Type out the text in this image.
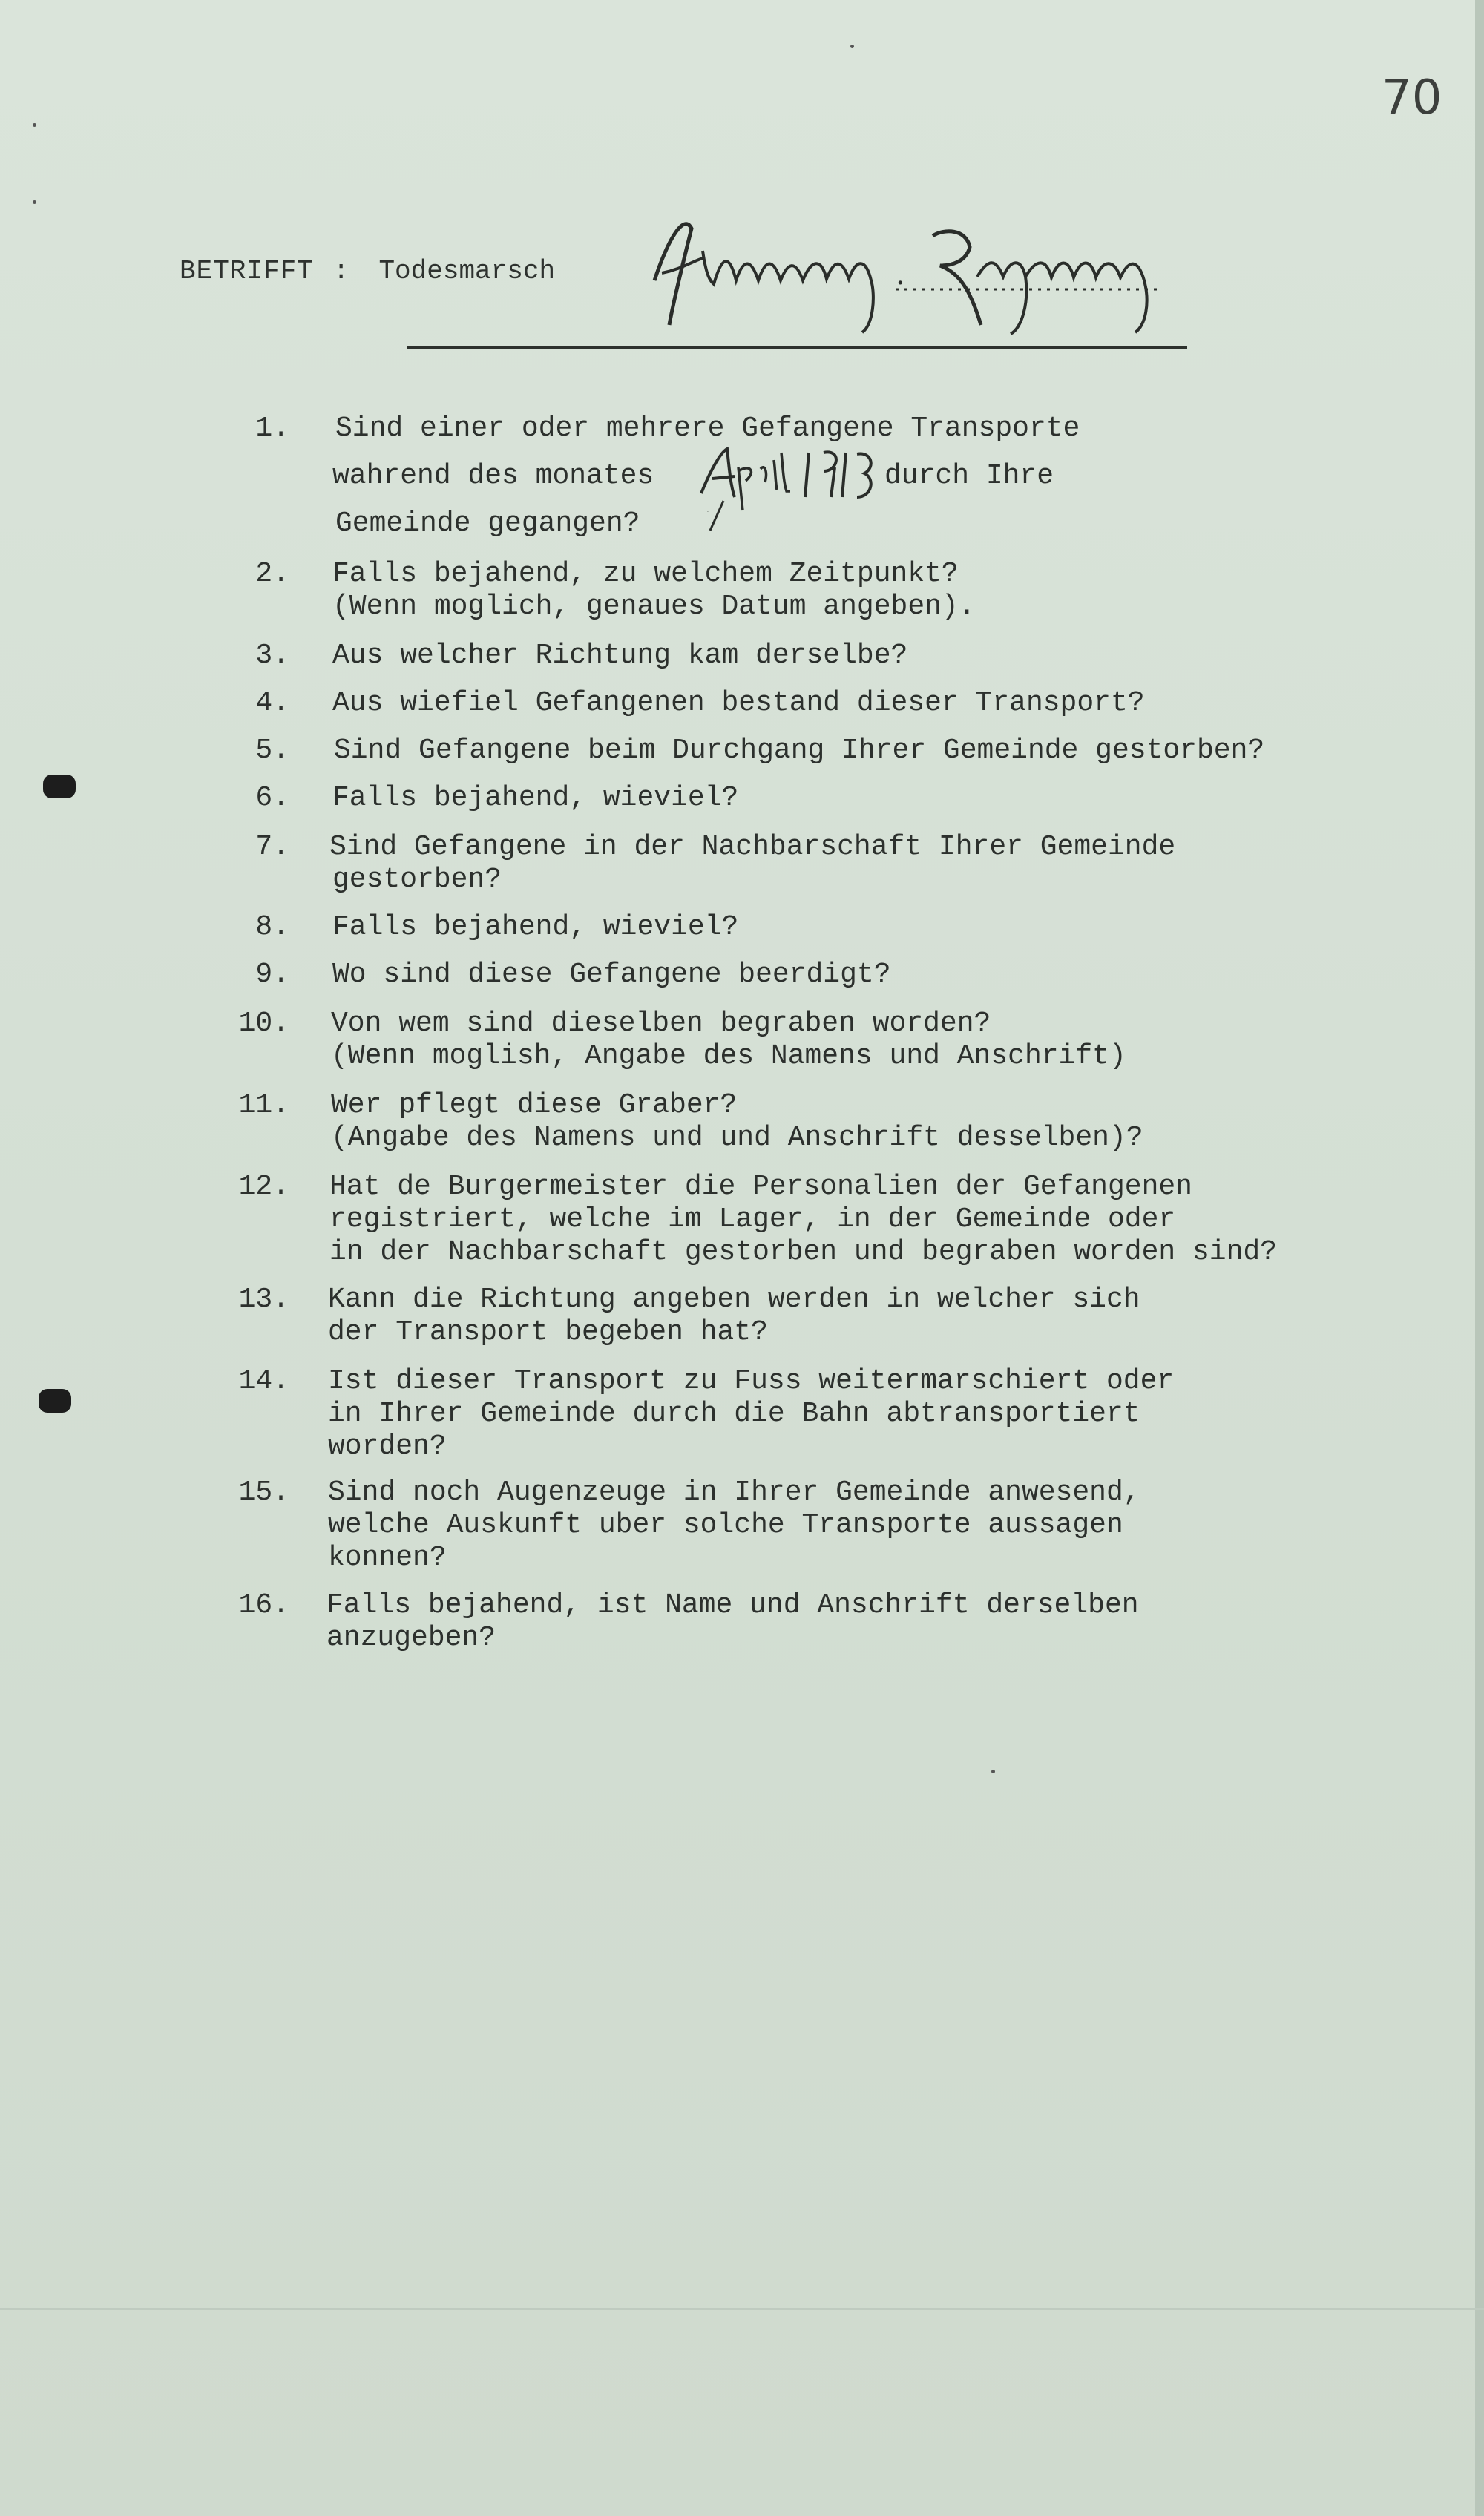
70
BETRIFFT : Todesmarsch	.
1. Sind einer oder mehrere Gefangene Transporte
wahrend des monates	durch Ihre
Gemeinde gegangen?
2. Falls bejahend, zu welchem Zeitpunkt?
(Wenn moglich, genaues Datum angeben).
3. Aus welcher Richtung kam derselbe?
4. Aus wiefiel Gefangenen bestand dieser Transport?
5. Sind Gefangene beim Durchgang Ihrer Gemeinde gestorben?
6. Falls bejahend, wieviel?
7. Sind Gefangene in der Nachbarschaft Ihrer Gemeinde
gestorben?
8. Falls bejahend, wieviel?
9. Wo sind diese Gefangene beerdigt?
10. Von wem sind dieselben begraben worden?
(Wenn moglish, Angabe des Namens und Anschrift)
11. Wer pflegt diese Graber?
(Angabe des Namens und und Anschrift desselben)?
12. Hat de Burgermeister die Personalien der Gefangenen
registriert, welche im Lager, in der Gemeinde oder
in der Nachbarschaft gestorben und begraben worden sind?
13. Kann die Richtung angeben werden in welcher sich
der Transport begeben hat?
14. Ist dieser Transport zu Fuss weitermarschiert oder
in Ihrer Gemeinde durch die Bahn abtransportiert
worden?
15. Sind noch Augenzeuge in Ihrer Gemeinde anwesend,
welche Auskunft uber solche Transporte aussagen
konnen?
16. Falls bejahend, ist Name und Anschrift derselben
anzugeben?
